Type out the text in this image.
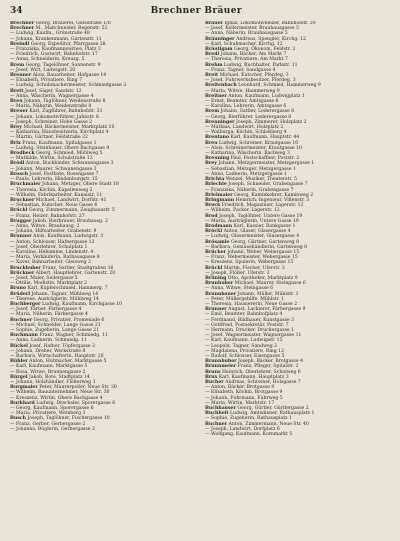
34	Brechner Bräuer

Brechner Georg, Brauerei, Gutsstraße 1/0

Brechner M., Maßchneider, Regenstr. 52

— Ludwig, Kaufm., Grünstraße 48

— Johann, Krankenmann, Gartenstr. 11

Breindl Georg, Expeditor, Pfarrgasse 28

— Franziska, Kaufmannswitwe, Platz 3

— Friedrich, Gastwirt, Bahnhofstr. 17

— Anna, Schneiderin, Kreuzg. 5

Brem Georg, Tagelöhner, Sonnenstr. 9

— Josef, Wirt, Ludwigstr. 20

Brenner Alois, Bauarbeiter, Hofgasse 14

— Elisabeth, Privatiere, Ring 7

— Ludwig, Schuhmachermeister, Schmiedgasse 3

Brett Josef, Säger, Sandstr. 12

— Anna, Wäscherin, Wagnergasse 4

Breu Johann, Taglöhner, Weidenstraße 8

— Maria, Näherin, Weidenstraße 8

Breuer Karl, Zugführer, Bahnhofstr. 31

— Johann, Lokomotivführer, Jahnstr. 6

— Joseph, Schreiner, Hohe Gasse 2

Brey Michael, Bäckermeister, Marktplatz 10

— Katharina, Hausbesitzerin, Kirchplatz 4

— Martin, Gärtner, Feldstraße 22

Brix Franz, Kaufmann, Spitalgasse 1

— Ludwig, Steinhauer, Obere Bachgasse 9

Brodbeck Georg, Schmied, Mühlweg 5

— Mathilde, Wirtin, Schulstraße 13

Brödl Anton, Buchbinder, Schwanengasse 3

— Johann, Maurer, Schwanengasse 3

Brosch Josef, Postbote, Rosengasse 7

— Paula, Lehrerin, Hindenburgstr. 15

Bruckmaier Johann, Metzger, Obere Stadt 18

— Theresia, Köchin, Kapellenweg 2

— Wilhelm, Fabrikarbeiter, Kanalstr. 11

Bruckner Michael, Landwirt, Dorfstr. 41

— Sebastian, Kutscher, Neue Gasse 6

Brückl Georg, Zimmermann, Zeughausstr. 5

— Franz, Heizer, Bahnhofstr. 27

Brugger Jakob, Bierbrauer, Brauhausg. 2

— Anna, Witwe, Brauhausg. 2

— Johann, Hilfsarbeiter, Grabenstr. 9

Brunner Alois, Kaufmann, Ludwigstr. 3

— Anton, Schlosser, Hafnergasse 12

— Josef, Oberlehrer, Schulplatz 1

— Karoline, Hebamme, Lindenstr. 4

— Maria, Verkäuferin, Rathausgasse 8

— Xaver, Bahnarbeiter, Gleisweg 3

Bruckhuber Franz, Sattler, Stadtgraben 16

Brückner Albert, Hauptlehrer, Gartenstr. 20

— Josef, Maler, Seilergasse 5

— Ottilie, Modistin, Marktplatz 2

Bruno Karl, Kupferschmied, Hammerg. 7

Brüderl Johann, Tagner, Mühlweg 14

— Therese, Austräglerin, Mühlweg 14

Buchberger Ludwig, Kaufmann, Kirchgasse 10

— Josef, Färber, Färbergasse 4

— Maria, Näherin, Färbergasse 4

Buchner Georg, Privatier, Promenade 6

— Michael, Schneider, Lange Gasse 21

— Sophie, Zugeherin, Lange Gasse 21

Buchmann Franz, Wagner, Schmiedg. 11

— Anna, Ladnerin, Schmiedg. 11

Bückel Josef, Hafner, Töpfergasse 3

— Johann, Dreher, Werkstraße 8

— Barbara, Wirtschafterin, Hauptstr. 26

Bühler Anton, Hutmacher, Marktgasse 5

— Karl, Kaufmann, Marktgasse 5

— Rosa, Witwe, Brunnengasse 2

Bürgel Jakob, Bote, Stadtplatz 14

— Johann, Holzhändler, Flößerweg 1

Burgmaier Peter, Maurerpolier, Neue Str. 30

— Wilhelm, Bauunternehmer, Neue Str. 30

— Kreszenz, Wirtin, Obere Bachgasse 4

Burkhard Ludwig, Drechsler, Sporergasse 6

— Georg, Kaufmann, Sporergasse 6

— Maria, Privatiere, Weinberg 3

Busch Joseph, Taglöhner, Fischergasse 10

— Franz, Gerber, Gerbergasse 2

— Johanna, Büglerin, Gerbergasse 2

Bräuer Ignaz, Lokomotivheizer, Bahnhofstr. 39

— Josef, Kellermeister, Brauhausgasse 5

— Anna, Näherin, Brauhausgasse 5

Bräuninger Andreas, Spengler, Kirchg. 12

— Karl, Schuhmacher, Kirchg. 12

Bräutigam Georg, Ökonom, Feldstr. 2

Bredl Johann, Bäcker, Am Markt 7

— Theresia, Privatiere, Am Markt 7

Brehm Ludwig, Buchhalter, Parkstr. 11

— Franz, Tagner, Sandgasse 4

Breit Michael, Kutscher, Pferdeg. 3

— Josef, Fuhrwerksbesitzer, Pferdeg. 3

Breitenbach Leonhard, Schmied, Hammerweg 9

— Maria, Witwe, Hammerweg 9

Breitner Anton, Kaufmann, Ludwigplatz 1

— Ernst, Beamter, Amtsgasse 6

— Karolina, Lehrerin, Amtsgasse 6

Brem Johann, Sattler, Lederergasse 8

— Georg, Bierführer, Lederergasse 8

Brenninger Joseph, Zimmerer, Holzplatz 2

— Mathias, Landwirt, Holzplatz 2

— Walburga, Köchin, Schloßberg 4

Brentano Karl, Kaufmann, Hauptstr. 44

Breu Ludwig, Schreiner, Krautgasse 10

— Alois, Schreinermeister, Krautgasse 10

— Katharina, Wäscherin, Bachweg 3

Breuning Paul, Postschaffner, Poststr. 2

Brey Johann, Metzgermeister, Metzgergasse 1

— Sebastian, Metzger, Metzgergasse 1

— Anna, Ladnerin, Metzgergasse 1

Brichta Wenzel, Musiker, Theaterstr. 5

Briechle Joseph, Schneider, Grabengasse 7

— Franziska, Näherin, Grabengasse 7

Brielmaier Georg, Kaminkehrer, Kaminweg 2

Bringmann Heinrich, Ingenieur, Villenstr. 3

Brock Friedrich, Magazinier, Lagerstr. 12

— Wilhelm, Packer, Lagerstr. 12

Brod Joseph, Taglöhner, Untere Gasse 19

— Maria, Austräglerin, Untere Gasse 19

Brodmann Karl, Kassier, Bankgasse 1

Bröckl Anton, Glaser, Glasergasse 4

— Ludwig, Glasermeister, Glasergasse 4

Brösamle Georg, Gärtner, Gartenweg 8

— Barbara, Gemüsehändlerin, Gartenweg 8

Brücker Johann, Weber, Webergasse 15

— Franz, Webermeister, Webergasse 15

— Kreszenz, Spulerin, Webergasse 15

Brückl Martin, Fischer, Uferstr. 3

— Joseph, Flößer, Uferstr. 3

Brüning Otto, Apotheker, Marktplatz 9

Brunhuber Michael, Maurer, Steingasse 6

— Anna, Witwe, Steingasse 6

Brunnbauer Johann, Müller, Mühlstr. 1

— Peter, Müllergehilfe, Mühlstr. 1

— Theresia, Hausiererin, Neue Gasse 2

Brunner August, Lackierer, Färbergasse 9

— Emil, Beamter, Bahnhofplatz 4

— Ferdinand, Bildhauer, Kunstgasse 3

— Gottfried, Postsekretär, Poststr. 7

— Hermann, Drucker, Druckergasse 1

— Josef, Wagnermeister, Wagnergasse 11

— Karl, Kaufmann, Ludwigstr. 15

— Leopold, Tagner, Sandweg 2

— Magdalena, Privatiere, Ring 12

— Rudolf, Schlosser, Eisengasse 5

Brunnhuber Joseph, Bäcker, Brotgasse 4

Brunnmeier Franz, Pfleger, Spitalstr. 2

Bruns Heinrich, Oberlehrer, Schulweg 6

Brux Karl, Kaufmann, Hauptplatz 3

Bucher Andreas, Schreiner, Holzgasse 7

— Anton, Bäcker, Brotgasse 9

— Elisabeth, Köchin, Brotgasse 9

— Johann, Fuhrmann, Fuhrweg 5

— Maria, Wirtin, Marktstr. 17

Buchhauser Georg, Gürtler, Gürtlergasse 2

Buchheit Ludwig, Amtsdiener, Rathausplatz 1

— Sophie, Zugeherin, Rathausplatz 1

Buchner Anton, Zimmermann, Neue Str. 40

— Joseph, Landwirt, Dorfplatz 6

— Wolfgang, Kaufmann, Kornmarkt 5
